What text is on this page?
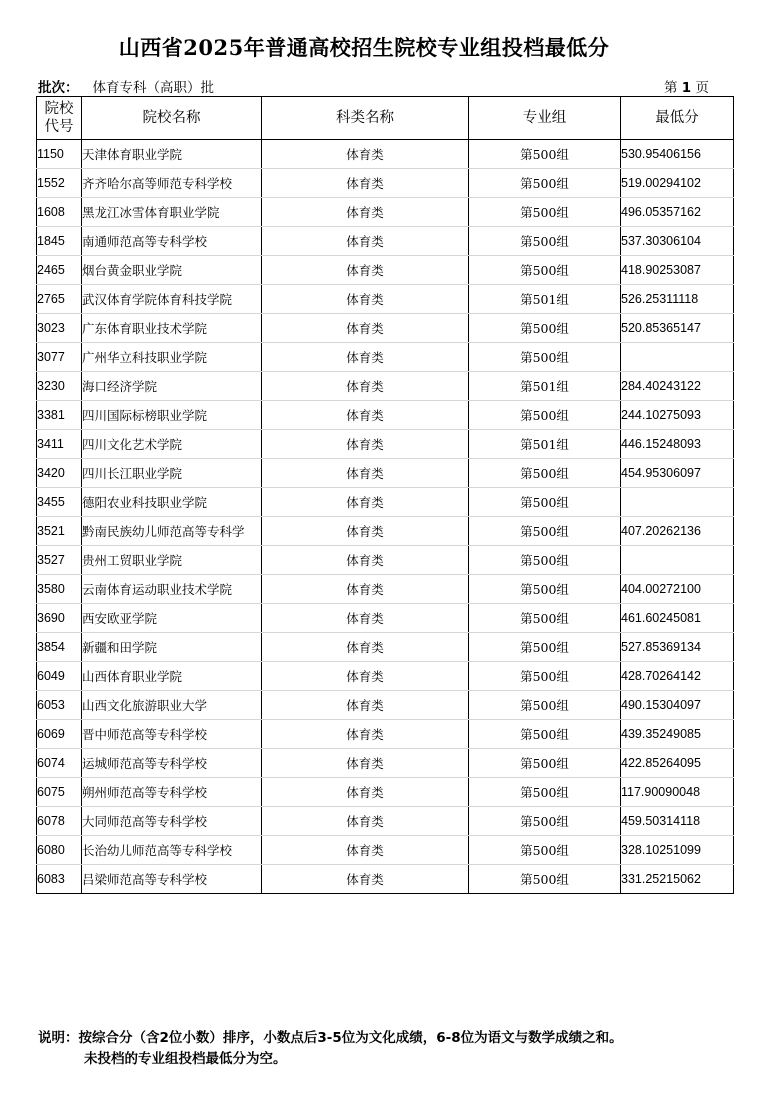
山西省2025年普通高校招生院校专业组投档最低分
批次： 体育专科（高职）批	第 1 页
院校
代号	院校名称	科类名称	专业组	最低分
1150	天津体育职业学院	体育类	第500组	530.95406156
1552	齐齐哈尔高等师范专科学校	体育类	第500组	519.00294102
1608	黑龙江冰雪体育职业学院	体育类	第500组	496.05357162
1845	南通师范高等专科学校	体育类	第500组	537.30306104
2465	烟台黄金职业学院	体育类	第500组	418.90253087
2765	武汉体育学院体育科技学院	体育类	第501组	526.25311118
3023	广东体育职业技术学院	体育类	第500组	520.85365147
3077	广州华立科技职业学院	体育类	第500组	
3230	海口经济学院	体育类	第501组	284.40243122
3381	四川国际标榜职业学院	体育类	第500组	244.10275093
3411	四川文化艺术学院	体育类	第501组	446.15248093
3420	四川长江职业学院	体育类	第500组	454.95306097
3455	德阳农业科技职业学院	体育类	第500组	
3521	黔南民族幼儿师范高等专科学	体育类	第500组	407.20262136
3527	贵州工贸职业学院	体育类	第500组	
3580	云南体育运动职业技术学院	体育类	第500组	404.00272100
3690	西安欧亚学院	体育类	第500组	461.60245081
3854	新疆和田学院	体育类	第500组	527.85369134
6049	山西体育职业学院	体育类	第500组	428.70264142
6053	山西文化旅游职业大学	体育类	第500组	490.15304097
6069	晋中师范高等专科学校	体育类	第500组	439.35249085
6074	运城师范高等专科学校	体育类	第500组	422.85264095
6075	朔州师范高等专科学校	体育类	第500组	117.90090048
6078	大同师范高等专科学校	体育类	第500组	459.50314118
6080	长治幼儿师范高等专科学校	体育类	第500组	328.10251099
6083	吕梁师范高等专科学校	体育类	第500组	331.25215062
说明：按综合分（含2位小数）排序，小数点后3-5位为文化成绩，6-8位为语文与数学成绩之和。
未投档的专业组投档最低分为空。
